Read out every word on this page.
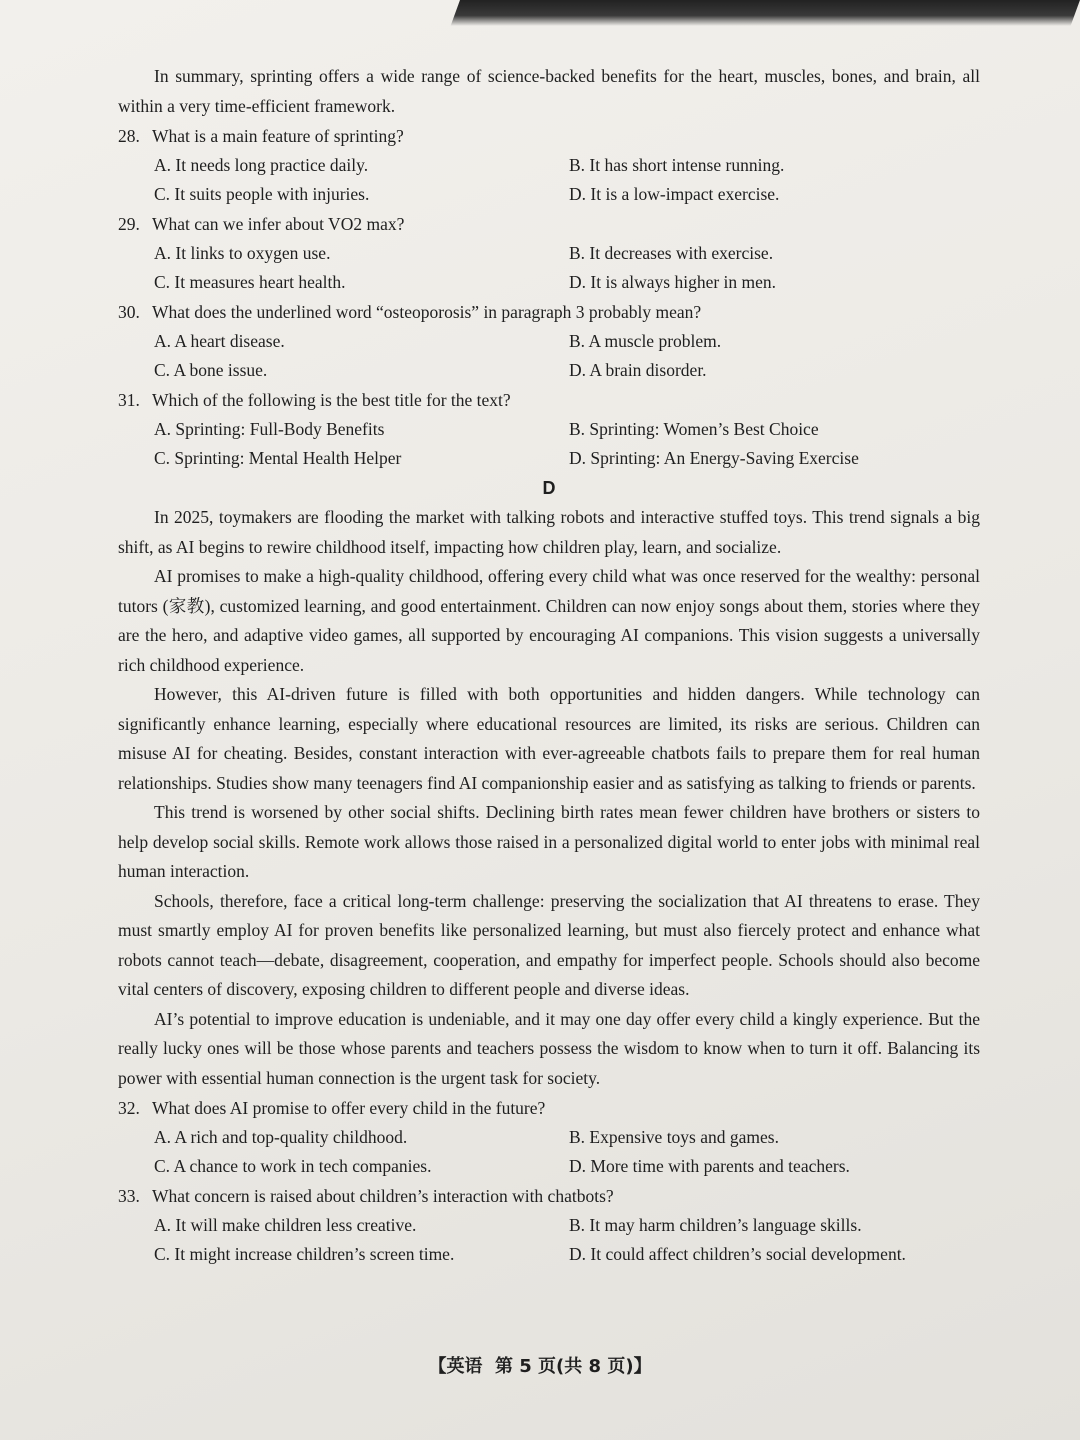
In summary, sprinting offers a wide range of science-backed benefits for the heart, muscles, bones, and brain, all within a very time-efficient framework.

28. What is a main feature of sprinting?
A. It needs long practice daily.	B. It has short intense running.
C. It suits people with injuries.	D. It is a low-impact exercise.
29. What can we infer about VO2 max?
A. It links to oxygen use.	B. It decreases with exercise.
C. It measures heart health.	D. It is always higher in men.
30. What does the underlined word “osteoporosis” in paragraph 3 probably mean?
A. A heart disease.	B. A muscle problem.
C. A bone issue.	D. A brain disorder.
31. Which of the following is the best title for the text?
A. Sprinting: Full-Body Benefits	B. Sprinting: Women’s Best Choice
C. Sprinting: Mental Health Helper	D. Sprinting: An Energy-Saving Exercise
D

In 2025, toymakers are flooding the market with talking robots and interactive stuffed toys. This trend signals a big shift, as AI begins to rewire childhood itself, impacting how children play, learn, and socialize.

AI promises to make a high-quality childhood, offering every child what was once reserved for the wealthy: personal tutors (家教), customized learning, and good entertainment. Children can now enjoy songs about them, stories where they are the hero, and adaptive video games, all supported by encouraging AI companions. This vision suggests a universally rich childhood experience.

However, this AI-driven future is filled with both opportunities and hidden dangers. While technology can significantly enhance learning, especially where educational resources are limited, its risks are serious. Children can misuse AI for cheating. Besides, constant interaction with ever-agreeable chatbots fails to prepare them for real human relationships. Studies show many teenagers find AI companionship easier and as satisfying as talking to friends or parents.

This trend is worsened by other social shifts. Declining birth rates mean fewer children have brothers or sisters to help develop social skills. Remote work allows those raised in a personalized digital world to enter jobs with minimal real human interaction.

Schools, therefore, face a critical long-term challenge: preserving the socialization that AI threatens to erase. They must smartly employ AI for proven benefits like personalized learning, but must also fiercely protect and enhance what robots cannot teach—debate, disagreement, cooperation, and empathy for imperfect people. Schools should also become vital centers of discovery, exposing children to different people and diverse ideas.

AI’s potential to improve education is undeniable, and it may one day offer every child a kingly experience. But the really lucky ones will be those whose parents and teachers possess the wisdom to know when to turn it off. Balancing its power with essential human connection is the urgent task for society.

32. What does AI promise to offer every child in the future?
A. A rich and top-quality childhood.	B. Expensive toys and games.
C. A chance to work in tech companies.	D. More time with parents and teachers.
33. What concern is raised about children’s interaction with chatbots?
A. It will make children less creative.	B. It may harm children’s language skills.
C. It might increase children’s screen time.	D. It could affect children’s social development.
【英语 第 5 页(共 8 页)】
